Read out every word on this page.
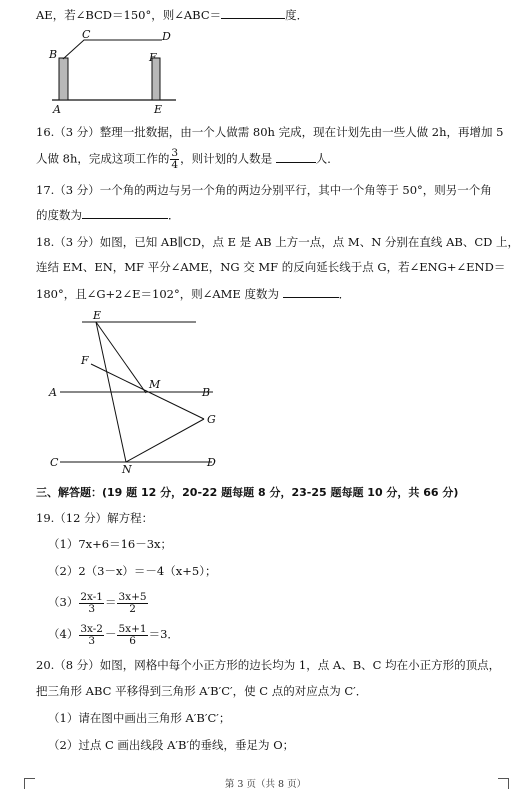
AE，若∠BCD＝150°，则∠ABC＝	度．
B
C	D
F
A	E
16.（3 分）整理一批数据，由一个人做需 80h 完成，现在计划先由一些人做 2h，再增加 5
人做 8h，完成这项工作的 $\frac{3}{4}$ ，则计划的人数是	人．
17.（3 分）一个角的两边与另一个角的两边分别平行，其中一个角等于 50°，则另一个角
的度数为	．
18.（3 分）如图，已知 AB∥CD，点 E 是 AB 上方一点，点 M、N 分别在直线 AB、CD 上，
连结 EM、EN，MF 平分∠AME，NG 交 MF 的反向延长线于点 G，若∠ENG+∠END＝
180°，且∠G+2∠E＝102°，则∠AME 度数为	．
E
F
A
M
B
G
C
N
D
三、解答题：(19 题 12 分，20-22 题每题 8 分，23-25 题每题 10 分，共 66 分)
19.（12 分）解方程：
（1）7x+6＝16－3x；
（2）2（3－x）＝－4（x+5）；
$(3) \frac{2x-1}{3} = \frac{3x+5}{2}$
$(4) \frac{3x-2}{3} - \frac{5x+1}{6} =3$．
20.（8 分）如图，网格中每个小正方形的边长均为 1，点 A、B、C 均在小正方形的顶点，
把三角形 ABC 平移得到三角形 A′B′C′，使 C 点的对应点为 C′．
（1）请在图中画出三角形 A′B′C′；
（2）过点 C 画出线段 A′B′的垂线，垂足为 O；
第 3 页（共 8 页）
